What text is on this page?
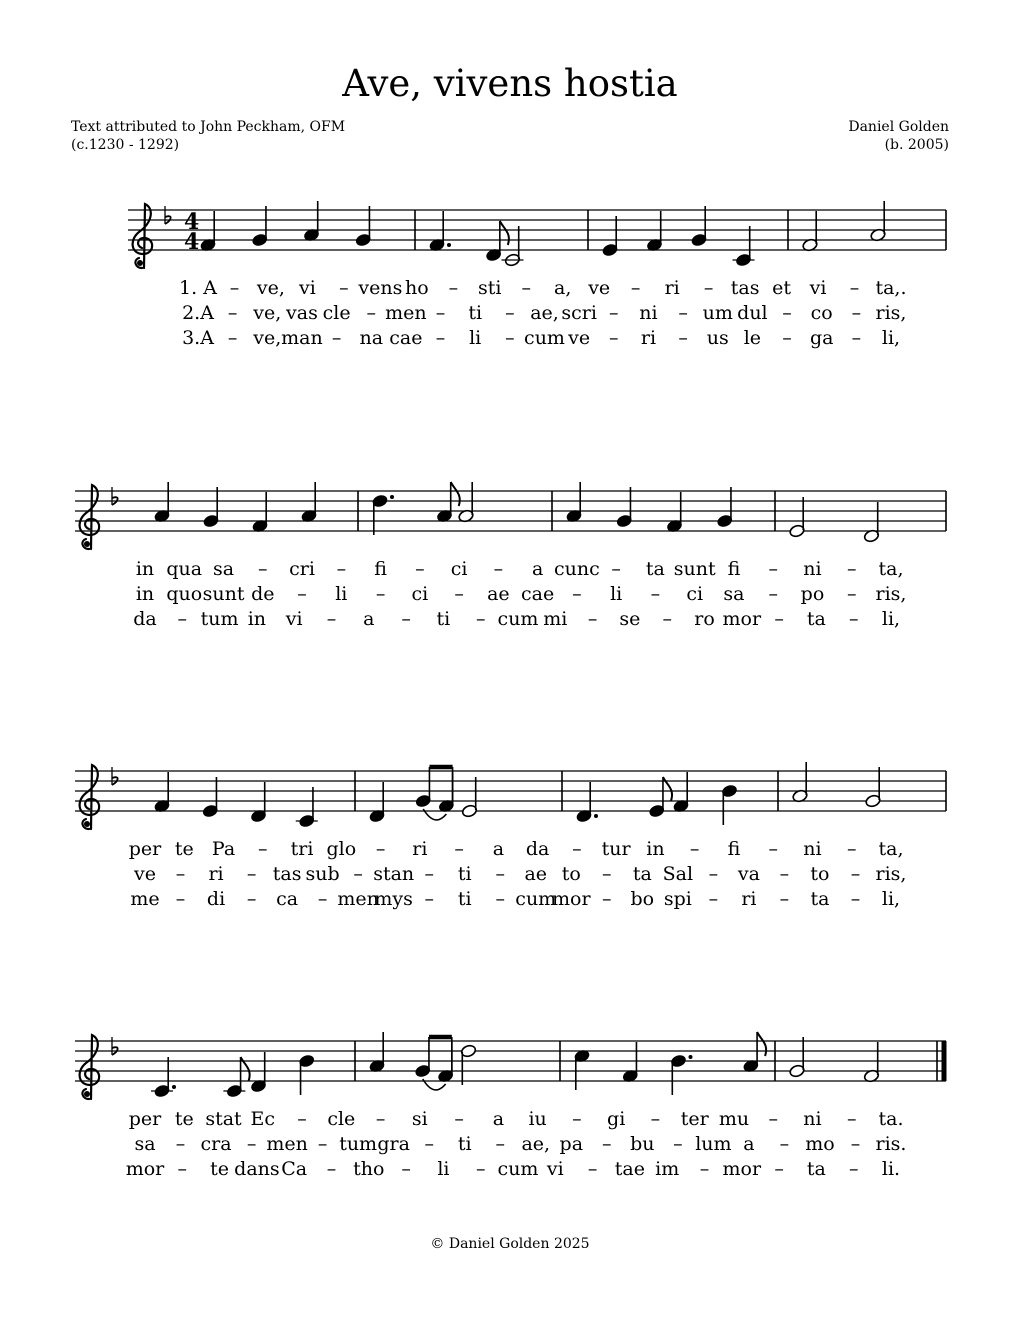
Ave, vivens hostia
Text attributed to John Peckham, OFM
(c.1230 - 1292)
Daniel Golden
(b. 2005)
4
4
1. A – ve, vi – vens ho – sti – a, ve – ri – tas et vi – ta,.
2.A – ve, vas cle – men – ti – ae, scri – ni – um dul – co – ris,
3.A – ve,man – na cae – li – cum ve – ri – us le – ga – li,
in qua sa – cri – fi – ci – a cunc – ta sunt fi – ni – ta,
in quosunt de – li – ci – ae cae – li – ci sa – po – ris,
da – tum in vi – a – ti – cum mi – se – ro mor – ta – li,
per te Pa – tri glo – ri – a da – tur in – fi – ni – ta,
ve – ri – tas sub – stan – ti – ae to – ta Sal – va – to – ris,
me – di – ca – menmys – ti – cummor – bo spi – ri – ta – li,
per te stat Ec – cle – si – a iu – gi – ter mu – ni – ta.
sa – cra – men – tumgra – ti – ae, pa – bu – lum a – mo – ris.
mor – te dansCa – tho – li – cum vi – tae im – mor – ta – li.
© Daniel Golden 2025
